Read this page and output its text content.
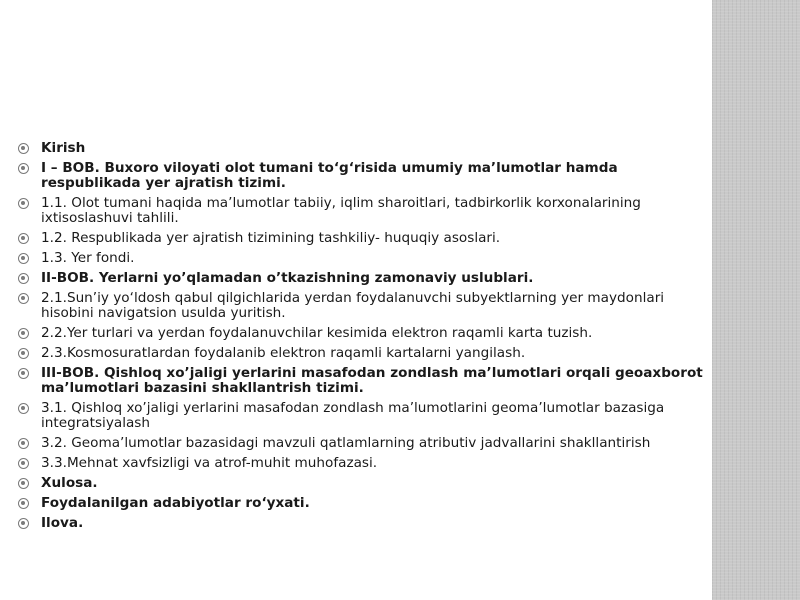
Kirish
I – BOB. Buxoro viloyati olot tumani to‘g‘risida umumiy ma’lumotlar hamda respublikada yer ajratish tizimi.
1.1. Olot tumani haqida ma’lumotlar tabiiy, iqlim sharoitlari, tadbirkorlik korxonalarining ixtisoslashuvi tahlili.
1.2. Respublikada yer ajratish tizimining tashkiliy- huquqiy asoslari.
1.3. Yer fondi.
II-BOB. Yerlarni yo’qlamadan o’tkazishning zamonaviy uslublari.
2.1.Sun’iy yo‘ldosh qabul qilgichlarida yerdan foydalanuvchi subyektlarning yer maydonlari hisobini navigatsion usulda yuritish.
2.2.Yer turlari va yerdan foydalanuvchilar kesimida elektron raqamli karta tuzish.
2.3.Kosmosuratlardan foydalanib elektron raqamli kartalarni yangilash.
III-BOB. Qishloq xo’jaligi yerlarini masafodan zondlash ma’lumotlari orqali geoaxborot ma’lumotlari bazasini shakllantrish tizimi.
3.1. Qishloq xo’jaligi yerlarini masafodan zondlash ma’lumotlarini geoma’lumotlar bazasiga integratsiyalash
3.2. Geoma’lumotlar bazasidagi mavzuli qatlamlarning atributiv jadvallarini shakllantirish
3.3.Mehnat xavfsizligi va atrof-muhit muhofazasi.
Xulosa.
Foydalanilgan adabiyotlar ro‘yxati.
Ilova.
